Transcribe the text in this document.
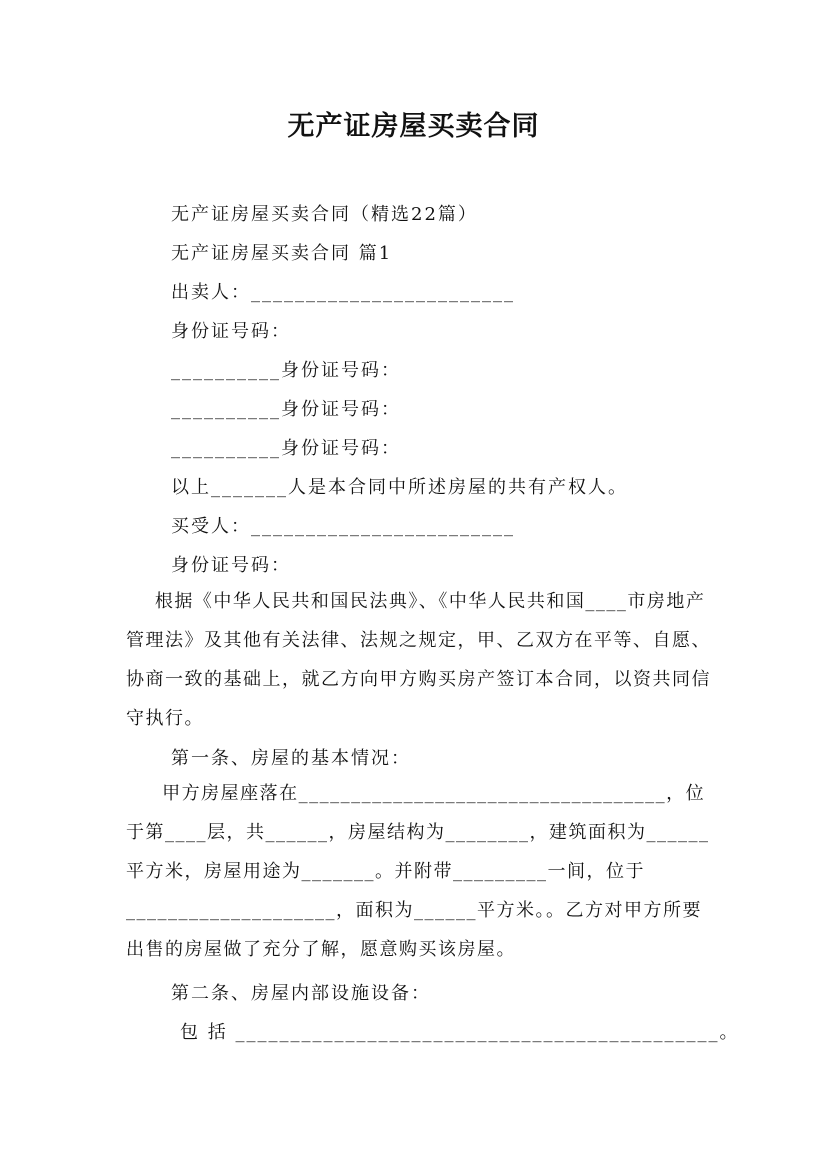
无产证房屋买卖合同
无产证房屋买卖合同（精选22篇）
无产证房屋买卖合同 篇1
出卖人：________________________
身份证号码：
__________身份证号码：
__________身份证号码：
__________身份证号码：
以上_______人是本合同中所述房屋的共有产权人。
买受人：________________________
身份证号码：
根据《中华人民共和国民法典》、《中华人民共和国____市房地产管理法》及其他有关法律、法规之规定，甲、乙双方在平等、自愿、协商一致的基础上，就乙方向甲方购买房产签订本合同，以资共同信守执行。
第一条、房屋的基本情况：
甲方房屋座落在___________________________________，位于第____层，共______，房屋结构为________，建筑面积为______平方米，房屋用途为_______。并附带_________一间，位于____________________，面积为______平方米。。乙方对甲方所要出售的房屋做了充分了解，愿意购买该房屋。
第二条、房屋内部设施设备：
包 括 ____________________________________________。
